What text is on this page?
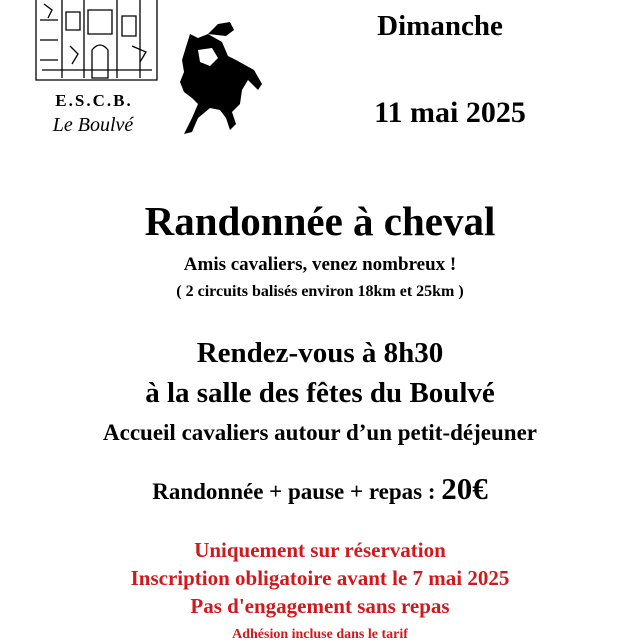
E.S.C.B.
Le Boulvé
Dimanche
11 mai 2025
Randonnée à cheval
Amis cavaliers, venez nombreux !
( 2 circuits balisés environ 18km et 25km )
Rendez-vous à 8h30
à la salle des fêtes du Boulvé
Accueil cavaliers autour d’un petit-déjeuner
Randonnée + pause + repas : 20€
Uniquement sur réservation
Inscription obligatoire avant le 7 mai 2025
Pas d'engagement sans repas
Adhésion incluse dans le tarif
